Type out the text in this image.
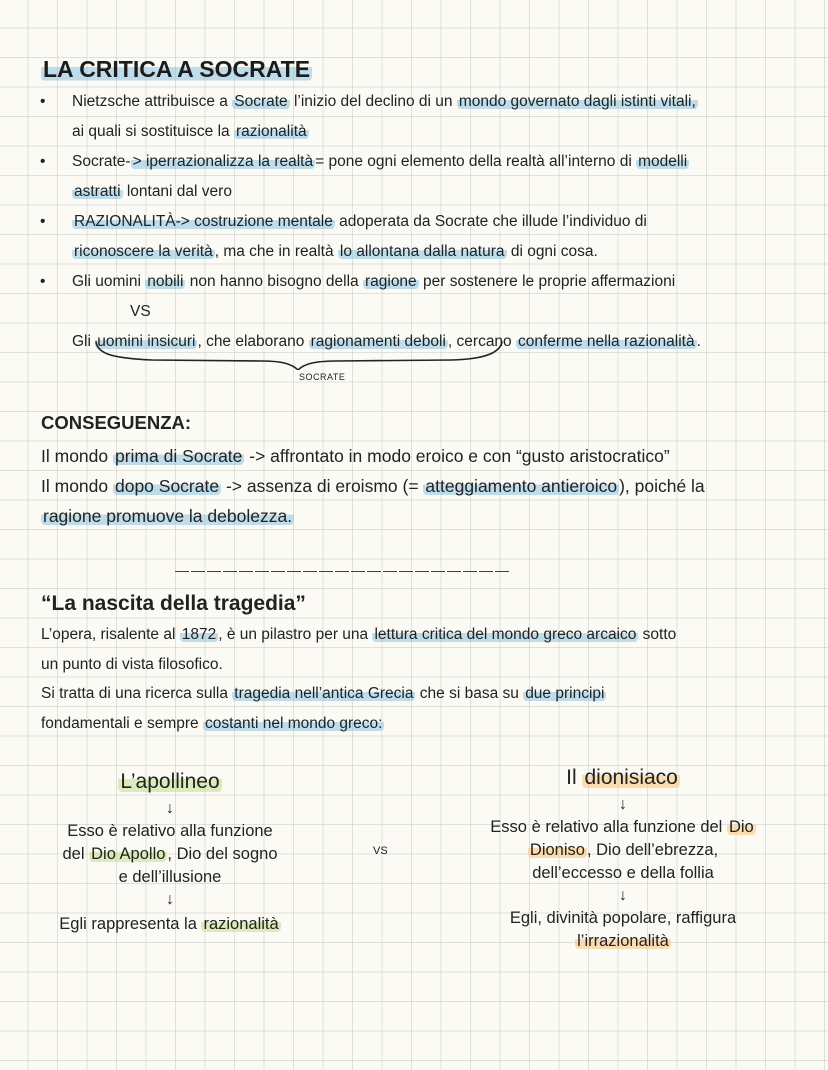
LA CRITICA A SOCRATE
• Nietzsche attribuisce a Socrate l’inizio del declino di un mondo governato dagli istinti vitali,
ai quali si sostituisce la razionalità
• Socrate- > iperrazionalizza la realtà = pone ogni elemento della realtà all’interno di modelli
astratti lontani dal vero
• RAZIONALITÀ-> costruzione mentale adoperata da Socrate che illude l’individuo di
riconoscere la verità , ma che in realtà lo allontana dalla natura di ogni cosa.
• Gli uomini nobili non hanno bisogno della ragione per sostenere le proprie affermazioni
VS
Gli uomini insicuri , che elaborano ragionamenti deboli , cercano conferme nella razionalità .
SOCRATE
CONSEGUENZA:
Il mondo prima di Socrate -> affrontato in modo eroico e con “gusto aristocratico”
Il mondo dopo Socrate -> assenza di eroismo (= atteggiamento antieroico ), poiché la
ragione promuove la debolezza.
—————————————————————
“La nascita della tragedia”
L’opera, risalente al 1872 , è un pilastro per una lettura critica del mondo greco arcaico sotto
un punto di vista filosofico.
Si tratta di una ricerca sulla tragedia nell’antica Grecia che si basa su due principi
fondamentali e sempre costanti nel mondo greco:
L’apollineo
↓
Esso è relativo alla funzione
del Dio Apollo , Dio del sogno
e dell’illusione
↓
Egli rappresenta la razionalità
VS
Il dionisiaco
↓
Esso è relativo alla funzione del Dio
Dioniso , Dio dell’ebrezza,
dell’eccesso e della follia
↓
Egli, divinità popolare, raffigura
l’irrazionalità
